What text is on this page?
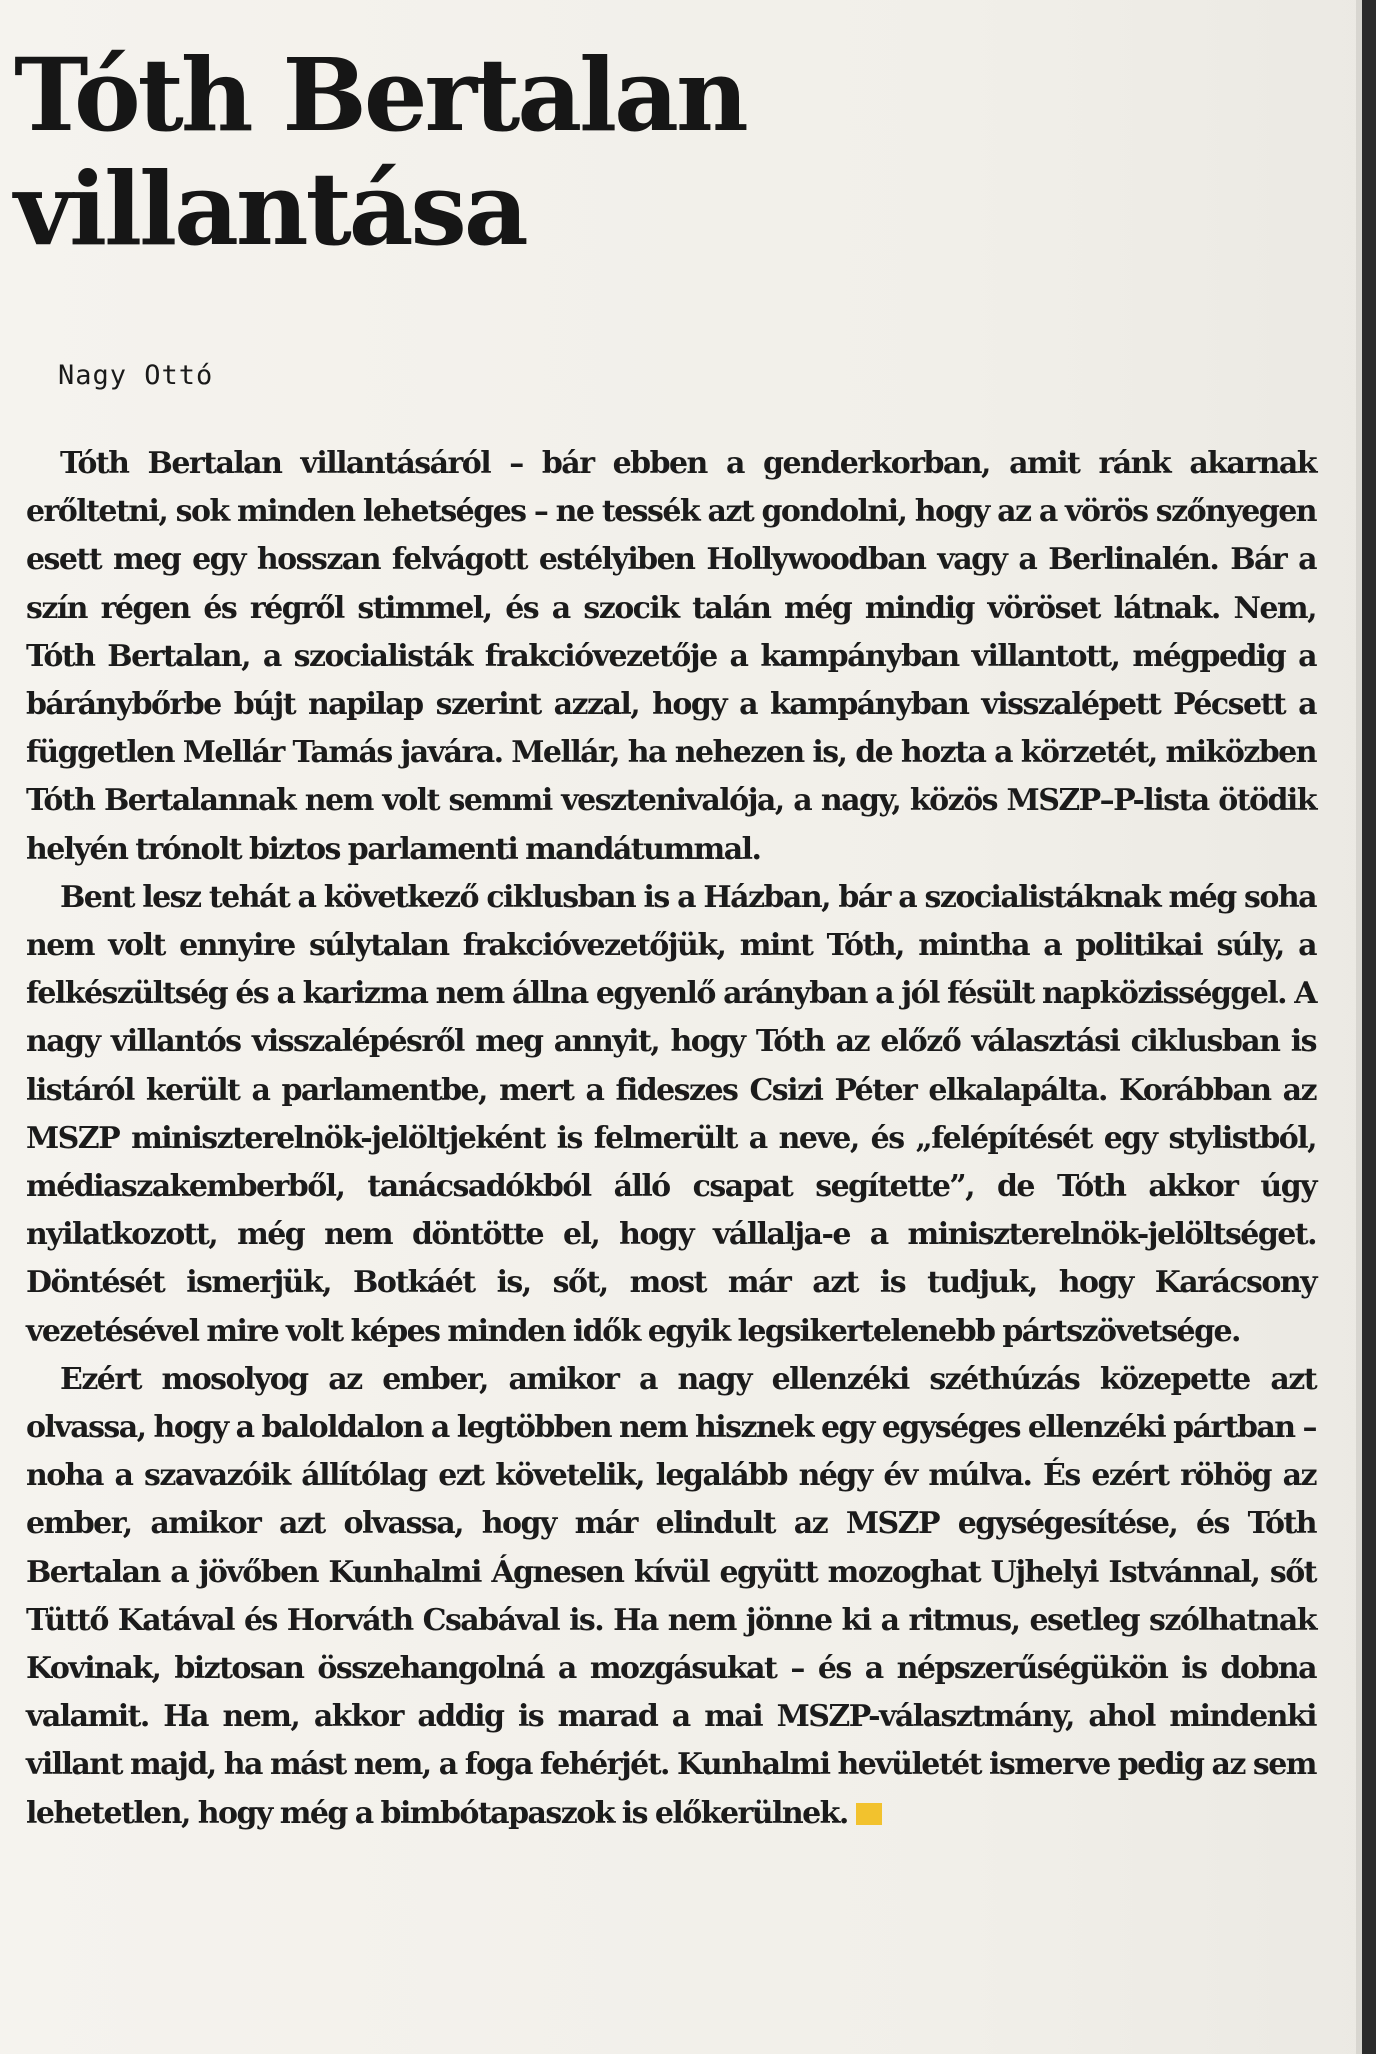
Tóth Bertalan
villantása
Nagy Ottó

Tóth Bertalan villantásáról – bár ebben a genderkorban, amit ránk akarnak erőltetni, sok minden lehetséges – ne tessék azt gondolni, hogy az a vörös szőnyegen esett meg egy hosszan felvágott estélyiben Hollywoodban vagy a Berlinalén. Bár a szín régen és régről stimmel, és a szocik talán még mindig vöröset látnak. Nem, Tóth Bertalan, a szocialisták frakcióvezetője a kampányban villantott, mégpedig a báránybőrbe bújt napilap szerint azzal, hogy a kampányban visszalépett Pécsett a független Mellár Tamás javára. Mellár, ha nehezen is, de hozta a körzetét, miközben Tóth Bertalannak nem volt semmi vesztenivalója, a nagy, közös MSZP–P-lista ötödik helyén trónolt biztos parlamenti mandátummal.

Bent lesz tehát a következő ciklusban is a Házban, bár a szocialistáknak még soha nem volt ennyire súlytalan frakcióvezetőjük, mint Tóth, mintha a politikai súly, a felkészültség és a karizma nem állna egyenlő arányban a jól fésült napközisséggel. A nagy villantós visszalépésről meg annyit, hogy Tóth az előző választási ciklusban is listáról került a parlamentbe, mert a fideszes Csizi Péter elkalapálta. Korábban az MSZP miniszterelnök-jelöltjeként is felmerült a neve, és „felépítését egy stylistból, médiaszakemberből, tanácsadókból álló csapat segítette”, de Tóth akkor úgy nyilatkozott, még nem döntötte el, hogy vállalja-e a miniszterelnök-jelöltséget. Döntését ismerjük, Botkáét is, sőt, most már azt is tudjuk, hogy Karácsony vezetésével mire volt képes minden idők egyik legsikertelenebb pártszövetsége.

Ezért mosolyog az ember, amikor a nagy ellenzéki széthúzás közepette azt olvassa, hogy a baloldalon a legtöbben nem hisznek egy egységes ellenzéki pártban – noha a szavazóik állítólag ezt követelik, legalább négy év múlva. És ezért röhög az ember, amikor azt olvassa, hogy már elindult az MSZP egységesítése, és Tóth Bertalan a jövőben Kunhalmi Ágnesen kívül együtt mozoghat Ujhelyi Istvánnal, sőt Tüttő Katával és Horváth Csabával is. Ha nem jönne ki a ritmus, esetleg szólhatnak Kovinak, biztosan összehangolná a mozgásukat – és a népszerűségükön is dobna valamit. Ha nem, akkor addig is marad a mai MSZP-választmány, ahol mindenki villant majd, ha mást nem, a foga fehérjét. Kunhalmi hevületét ismerve pedig az sem lehetetlen, hogy még a bimbótapaszok is előkerülnek.
